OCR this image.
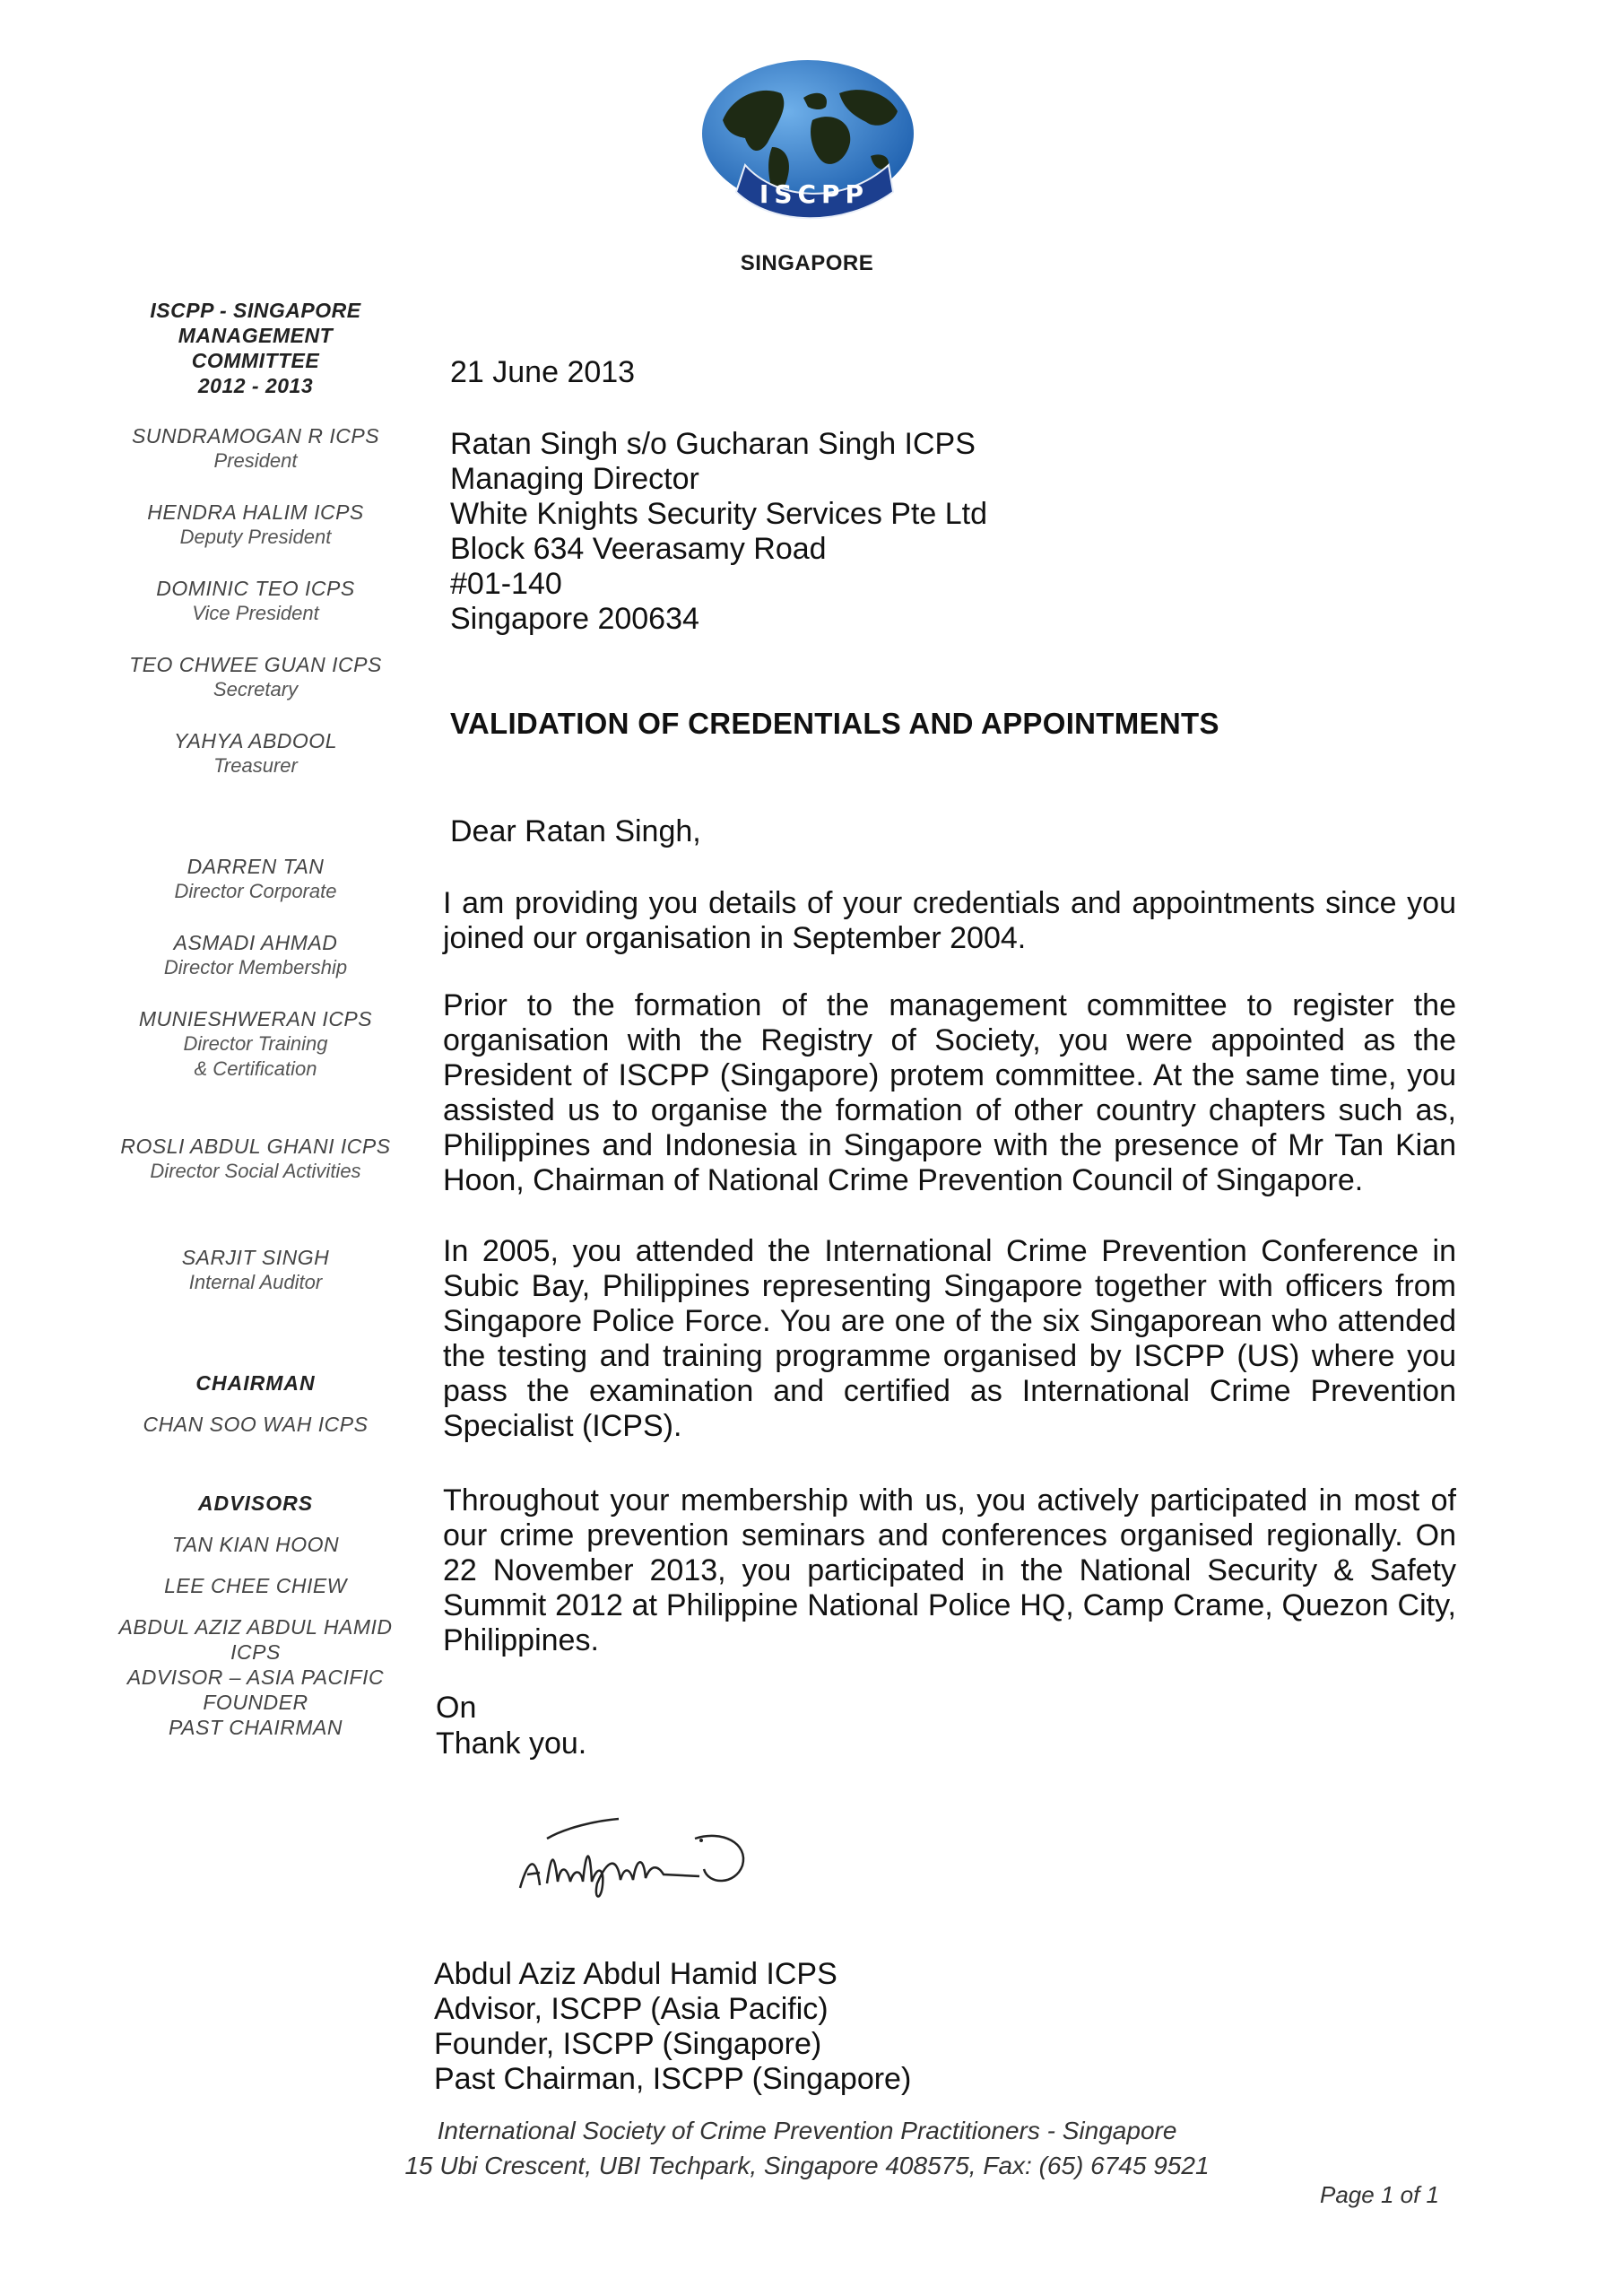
ISCPP
SINGAPORE
ISCPP - SINGAPORE
MANAGEMENT
COMMITTEE
2012 - 2013
SUNDRAMOGAN R ICPS
President
HENDRA HALIM ICPS
Deputy President
DOMINIC TEO ICPS
Vice President
TEO CHWEE GUAN ICPS
Secretary
YAHYA ABDOOL
Treasurer
DARREN TAN
Director Corporate
ASMADI AHMAD
Director Membership
MUNIESHWERAN ICPS
Director Training & Certification
ROSLI ABDUL GHANI ICPS
Director Social Activities
SARJIT SINGH
Internal Auditor
CHAIRMAN
CHAN SOO WAH ICPS
ADVISORS
TAN KIAN HOON
LEE CHEE CHIEW
ABDUL AZIZ ABDUL HAMID ICPS
ADVISOR – ASIA PACIFIC
FOUNDER
PAST CHAIRMAN
21 June 2013
Ratan Singh s/o Gucharan Singh ICPS
Managing Director
White Knights Security Services Pte Ltd
Block 634 Veerasamy Road
#01-140
Singapore 200634
VALIDATION OF CREDENTIALS AND APPOINTMENTS
Dear Ratan Singh,
I am providing you details of your credentials and appointments since you joined our organisation in September 2004.
Prior to the formation of the management committee to register the organisation with the Registry of Society, you were appointed as the President of ISCPP (Singapore) protem committee. At the same time, you assisted us to organise the formation of other country chapters such as, Philippines and Indonesia in Singapore with the presence of Mr Tan Kian Hoon, Chairman of National Crime Prevention Council of Singapore.
In 2005, you attended the International Crime Prevention Conference in Subic Bay, Philippines representing Singapore together with officers from Singapore Police Force. You are one of the six Singaporean who attended the testing and training programme organised by ISCPP (US) where you pass the examination and certified as International Crime Prevention Specialist (ICPS).
Throughout your membership with us, you actively participated in most of our crime prevention seminars and conferences organised regionally. On 22 November 2013, you participated in the National Security & Safety Summit 2012 at Philippine National Police HQ, Camp Crame, Quezon City, Philippines.
On
Thank you.
Abdul Aziz Abdul Hamid ICPS
Advisor, ISCPP (Asia Pacific)
Founder, ISCPP (Singapore)
Past Chairman, ISCPP (Singapore)
International Society of Crime Prevention Practitioners - Singapore
15 Ubi Crescent, UBI Techpark, Singapore 408575, Fax: (65) 6745 9521
Page 1 of 1
